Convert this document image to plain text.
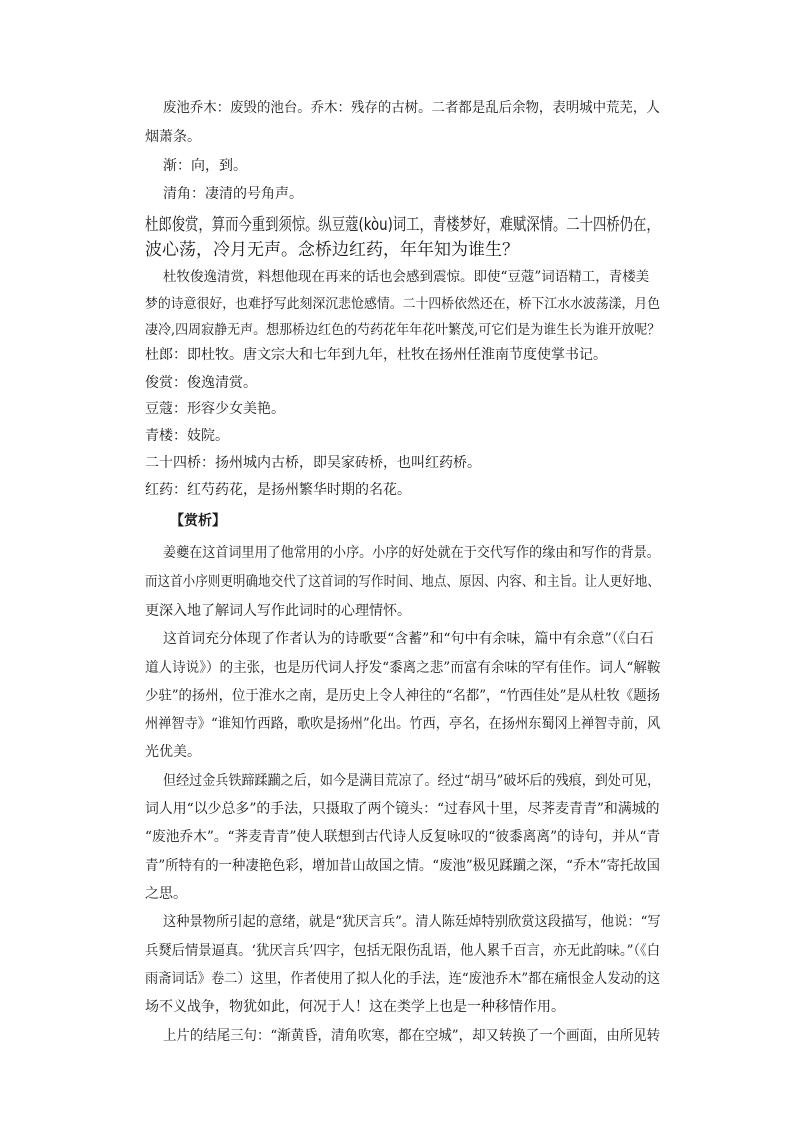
废池乔木：废毁的池台。乔木：残存的古树。二者都是乱后余物，表明城中荒芜，人
烟萧条。
渐：向，到。
清角：凄清的号角声。
杜郎俊赏，算而今重到须惊。纵豆蔻(kòu)词工，青楼梦好，难赋深情。二十四桥仍在，
波心荡，冷月无声。念桥边红药，年年知为谁生？
杜牧俊逸清赏，料想他现在再来的话也会感到震惊。即使“豆蔻”词语精工，青楼美
梦的诗意很好，也难抒写此刻深沉悲怆感情。二十四桥依然还在，桥下江水水波荡漾，月色
凄冷,四周寂静无声。想那桥边红色的芍药花年年花叶繁茂,可它们是为谁生长为谁开放呢？
杜郎：即杜牧。唐文宗大和七年到九年，杜牧在扬州任淮南节度使掌书记。
俊赏：俊逸清赏。
豆蔻：形容少女美艳。
青楼：妓院。
二十四桥：扬州城内古桥，即吴家砖桥，也叫红药桥。
红药：红芍药花，是扬州繁华时期的名花。
【赏析】
姜夔在这首词里用了他常用的小序。小序的好处就在于交代写作的缘由和写作的背景。
而这首小序则更明确地交代了这首词的写作时间、地点、原因、内容、和主旨。让人更好地、
更深入地了解词人写作此词时的心理情怀。
这首词充分体现了作者认为的诗歌要“含蓄”和“句中有余味，篇中有余意”（《白石
道人诗说》）的主张，也是历代词人抒发“黍离之悲”而富有余味的罕有佳作。词人“解鞍
少驻”的扬州，位于淮水之南，是历史上令人神往的“名都”，“竹西佳处”是从杜牧《题扬
州禅智寺》“谁知竹西路，歌吹是扬州”化出。竹西，亭名，在扬州东蜀冈上禅智寺前，风
光优美。
但经过金兵铁蹄蹂躏之后，如今是满目荒凉了。经过“胡马”破坏后的残痕，到处可见，
词人用“以少总多”的手法，只摄取了两个镜头：“过春风十里，尽荠麦青青”和满城的
“废池乔木”。“荠麦青青”使人联想到古代诗人反复咏叹的“彼黍离离”的诗句，并从“青
青”所特有的一种凄艳色彩，增加昔山故国之情。“废池”极见蹂躏之深，“乔木”寄托故国
之思。
这种景物所引起的意绪，就是“犹厌言兵”。清人陈廷焯特别欣赏这段描写，他说：“写
兵燹后情景逼真。‘犹厌言兵’四字，包括无限伤乱语，他人累千百言，亦无此韵味。”（《白
雨斋词话》卷二）这里，作者使用了拟人化的手法，连“废池乔木”都在痛恨金人发动的这
场不义战争，物犹如此，何况于人！这在类学上也是一种移情作用。
上片的结尾三句：“渐黄昏，清角吹寒，都在空城”，却又转换了一个画面，由所见转
